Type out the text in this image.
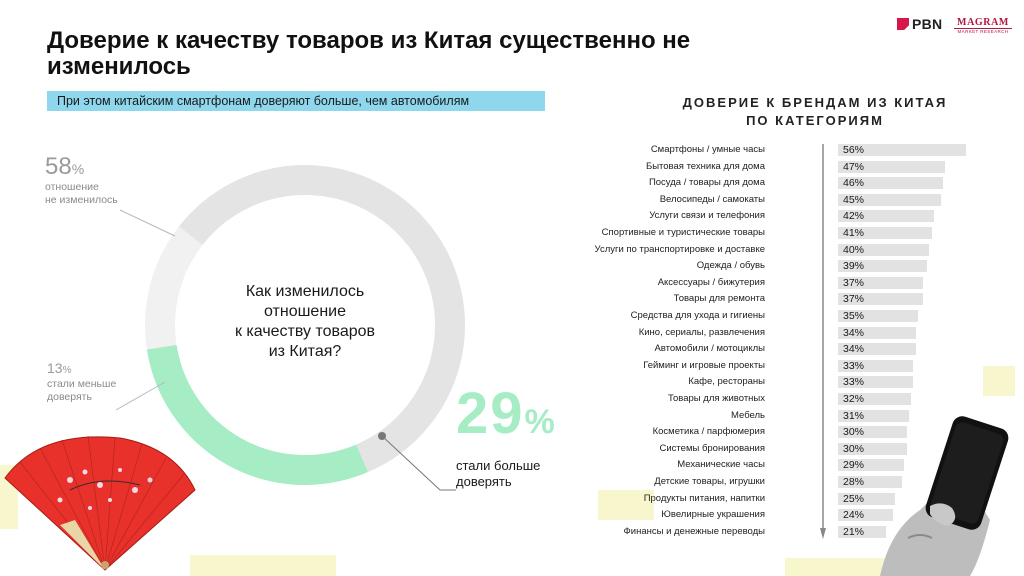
PBN	MAGRAM
MARKET RESEARCH
Доверие к качеству товаров из Китая существенно не изменилось
При этом китайским смартфонам доверяют больше, чем автомобилям
Как изменилось
отношение
к качеству товаров
из Китая?
58%
отношение
не изменилось
13%
стали меньше
доверять	29%
стали больше
доверять
ДОВЕРИЕ К БРЕНДАМ ИЗ КИТАЯ
ПО КАТЕГОРИЯМ
Смартфоны / умные часы	56%
Бытовая техника для дома	47%
Посуда / товары для дома	46%
Велосипеды / самокаты	45%
Услуги связи и телефония	42%
Спортивные и туристические товары	41%
Услуги по транспортировке и доставке	40%
Одежда / обувь	39%
Аксессуары / бижутерия	37%
Товары для ремонта	37%
Средства для ухода и гигиены	35%
Кино, сериалы, развлечения	34%
Автомобили / мотоциклы	34%
Гейминг и игровые проекты	33%
Кафе, рестораны	33%
Товары для животных	32%
Мебель	31%
Косметика / парфюмерия	30%
Системы бронирования	30%
Механические часы	29%
Детские товары, игрушки	28%
Продукты питания, напитки	25%
Ювелирные украшения	24%
Финансы и денежные переводы	21%
